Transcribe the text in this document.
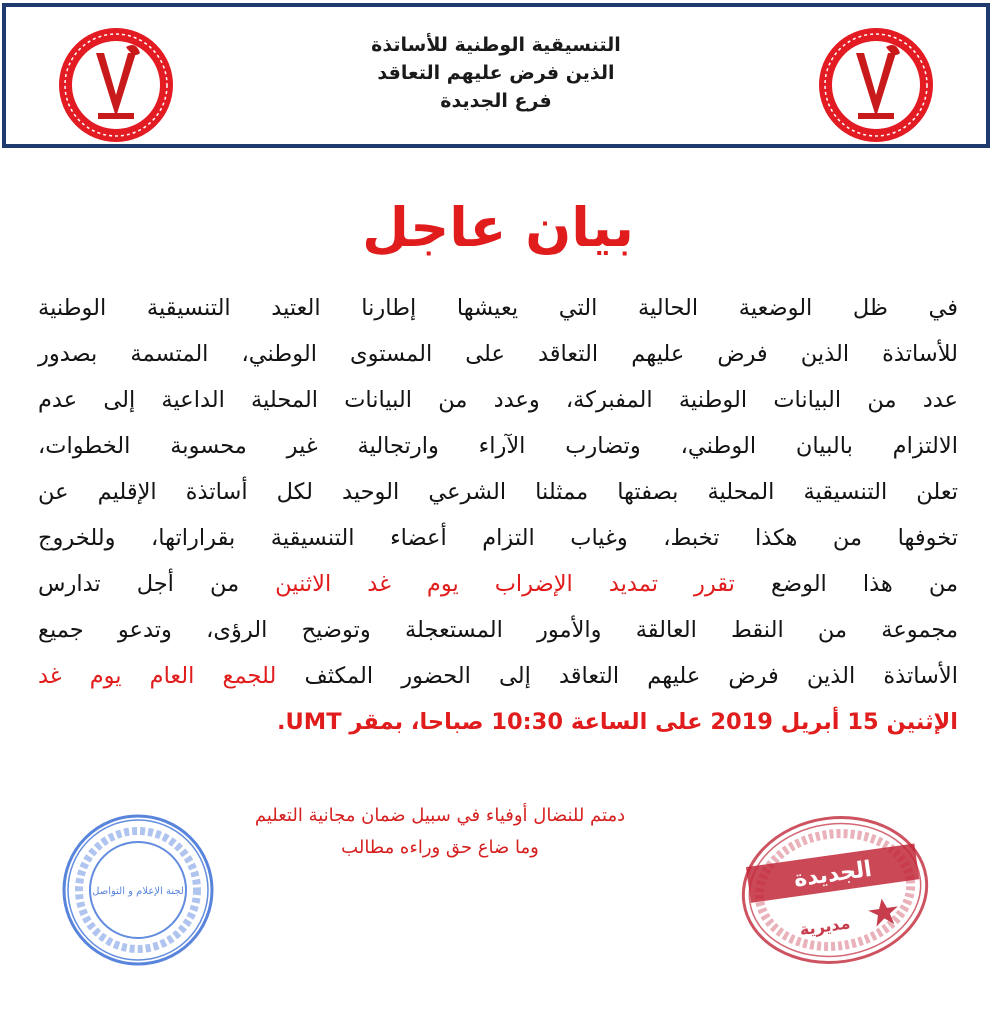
التنسيقية الوطنية للأساتذة
الذين فرض عليهم التعاقد
فرع الجديدة
بيان عاجل
في ظل الوضعية الحالية التي يعيشها إطارنا العتيد التنسيقية الوطنية
للأساتذة الذين فرض عليهم التعاقد على المستوى الوطني، المتسمة بصدور
عدد من البيانات الوطنية المفبركة، وعدد من البيانات المحلية الداعية إلى عدم
الالتزام بالبيان الوطني، وتضارب الآراء وارتجالية غير محسوبة الخطوات،
تعلن التنسيقية المحلية بصفتها ممثلنا الشرعي الوحيد لكل أساتذة الإقليم عن
تخوفها من هكذا تخبط، وغياب التزام أعضاء التنسيقية بقراراتها، وللخروج
من هذا الوضع تقرر تمديد الإضراب يوم غد الاثنين من أجل تدارس
مجموعة من النقط العالقة والأمور المستعجلة وتوضيح الرؤى، وتدعو جميع
الأساتذة الذين فرض عليهم التعاقد إلى الحضور المكثف للجمع العام يوم غد
الإثنين 15 أبريل 2019 على الساعة 10:30 صباحا، بمقر UMT.
دمتم للنضال أوفياء في سبيل ضمان مجانية التعليم
وما ضاع حق وراءه مطالب
لجنة الإعلام و التواصل	الجديدة
مديرية
